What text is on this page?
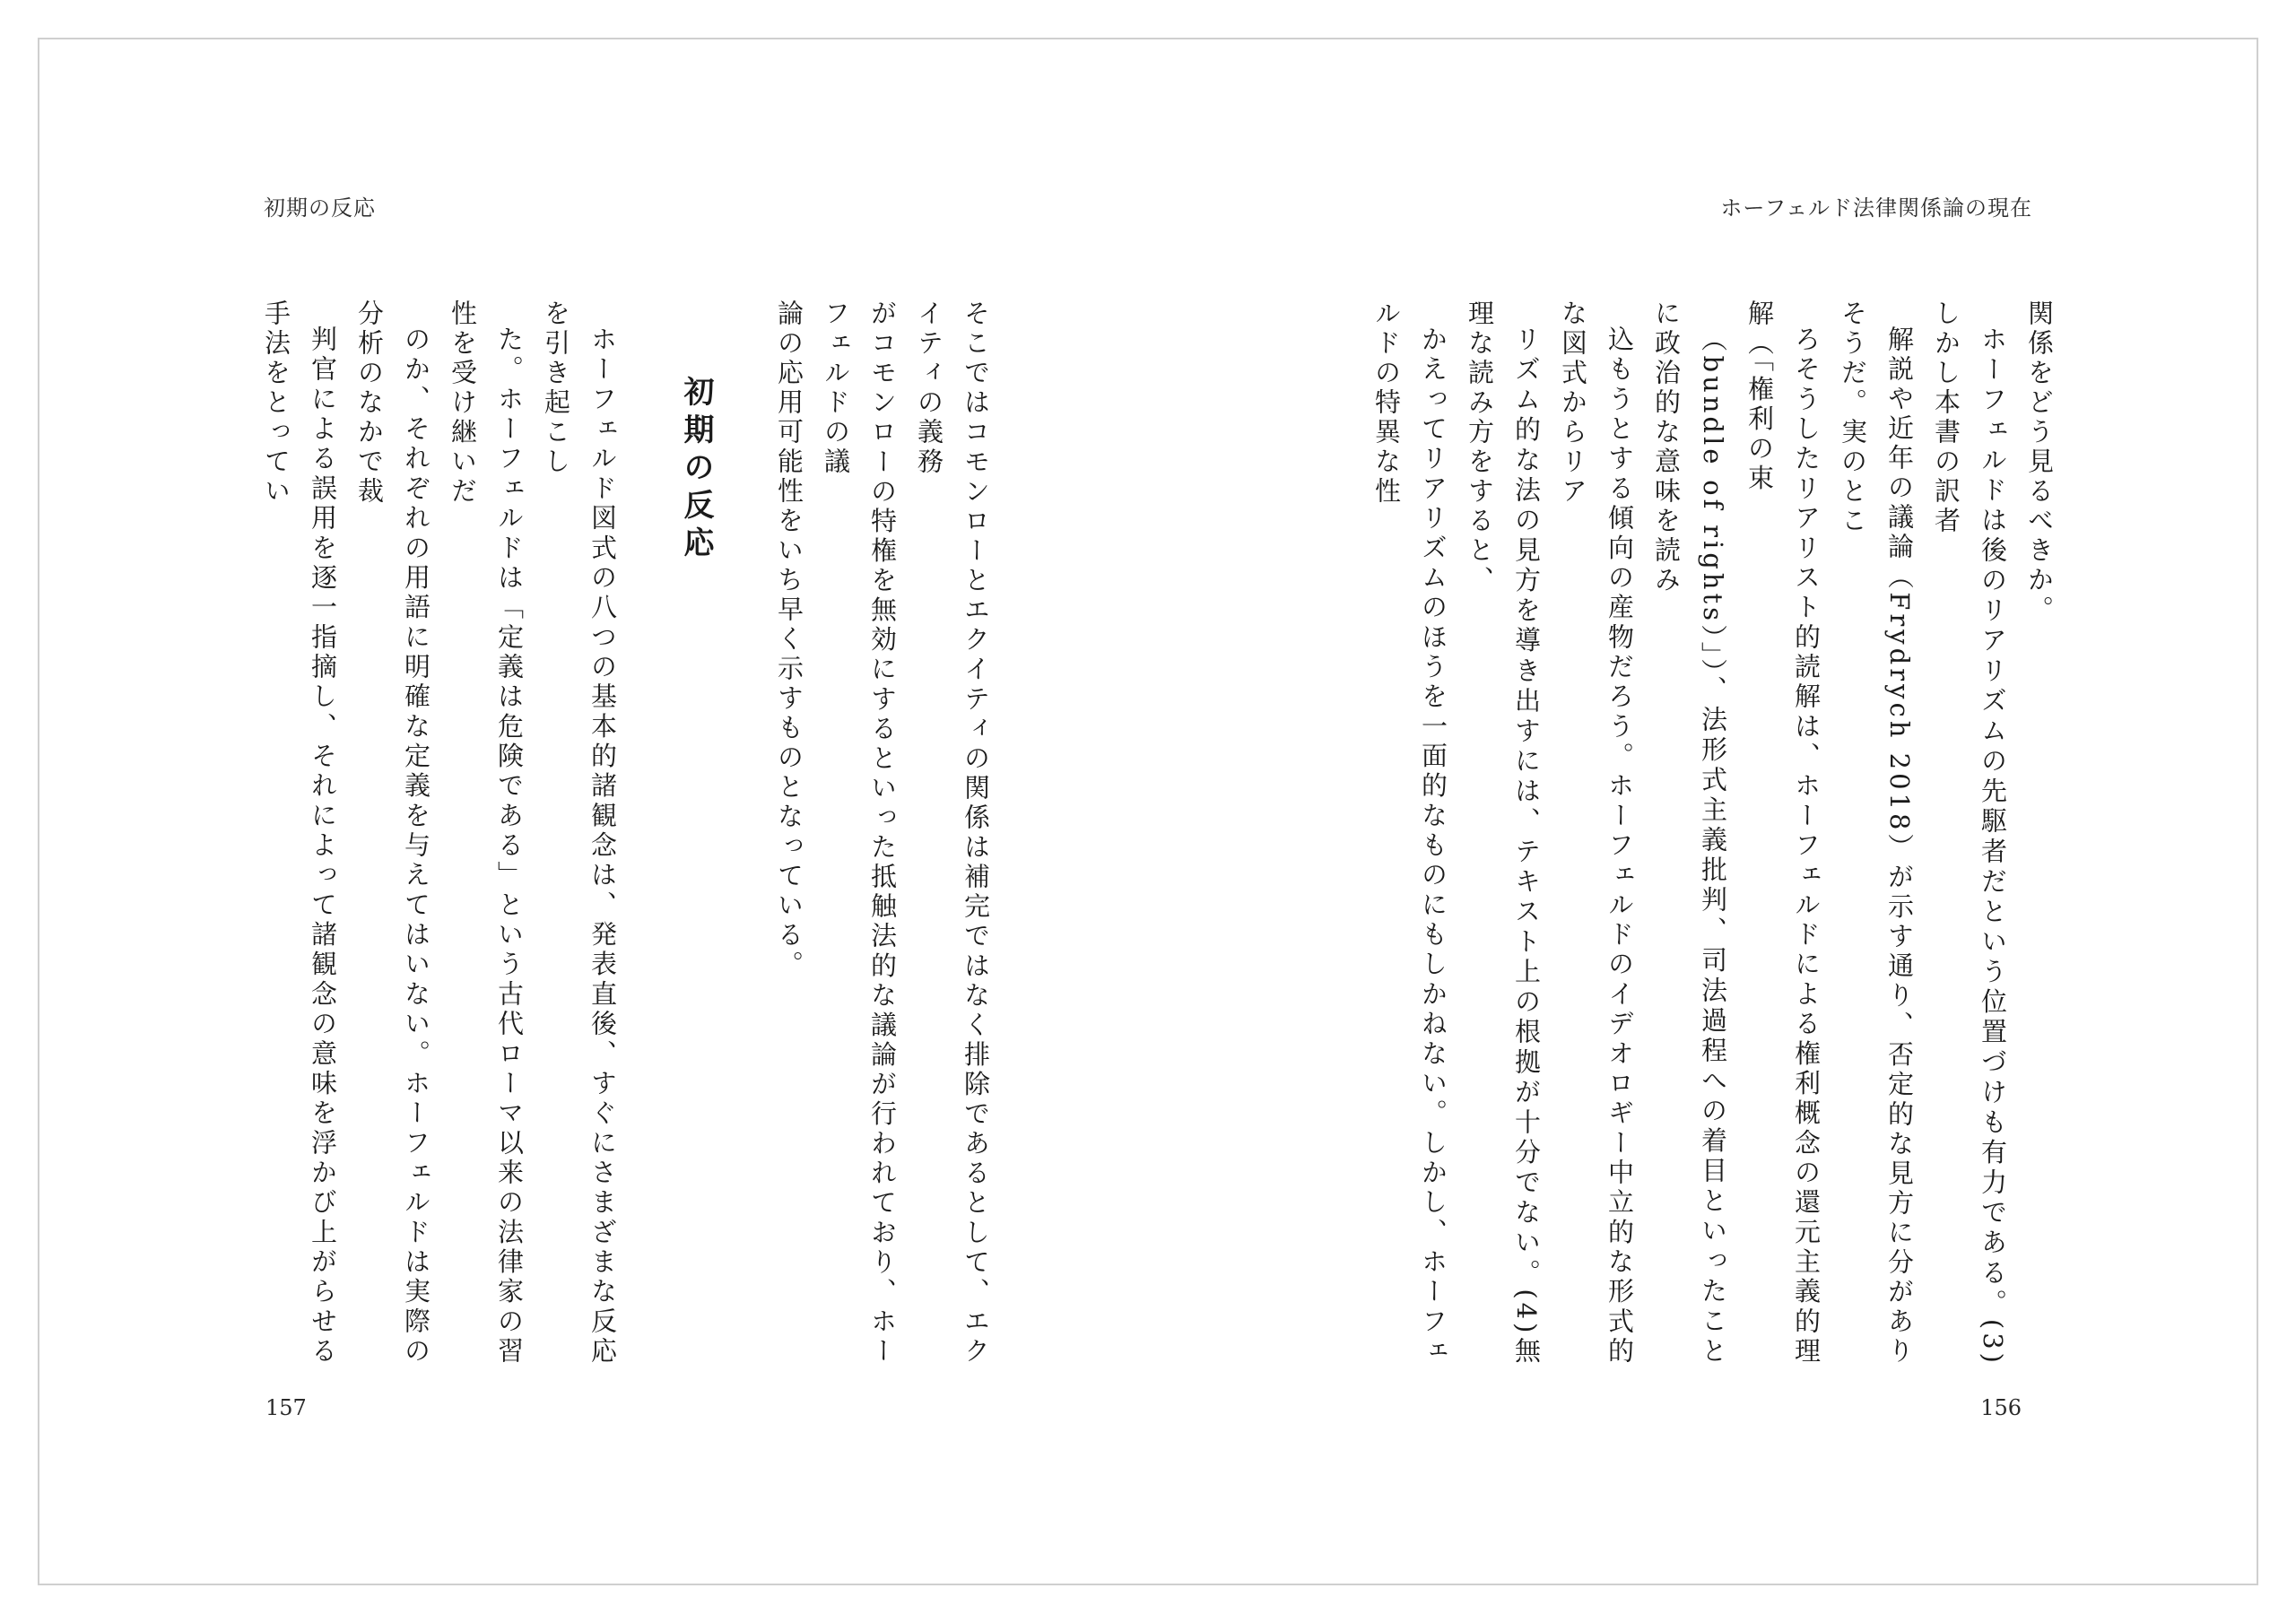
初期の反応

そこではコモンローとエクイティの関係は補完ではなく排除であるとして、エクイティの義務
がコモンローの特権を無効にするといった抵触法的な議論が行われており、ホーフェルドの議
論の応用可能性をいち早く示すものとなっている。

初期の反応

ホーフェルド図式の八つの基本的諸観念は、発表直後、すぐにさまざまな反応を引き起こし
た。ホーフェルドは「定義は危険である」という古代ローマ以来の法律家の習性を受け継いだ
のか、それぞれの用語に明確な定義を与えてはいない。ホーフェルドは実際の分析のなかで裁
判官による誤用を逐一指摘し、それによって諸観念の意味を浮かび上がらせる手法をとってい

157
ホーフェルド法律関係論の現在

関係をどう見るべきか。

ホーフェルドは後のリアリズムの先駆者だという位置づけも有力である。(3)しかし本書の訳者
解説や近年の議論（Frydrych 2018）が示す通り、否定的な見方に分がありそうだ。実のとこ
ろそうしたリアリスト的読解は、ホーフェルドによる権利概念の還元主義的理解（「権利の束
（bundle of rights）」）、法形式主義批判、司法過程への着目といったことに政治的な意味を読み
込もうとする傾向の産物だろう。ホーフェルドのイデオロギー中立的な形式的な図式からリア
リズム的な法の見方を導き出すには、テキスト上の根拠が十分でない。(4)無理な読み方をすると、
かえってリアリズムのほうを一面的なものにもしかねない。しかし、ホーフェルドの特異な性

156
